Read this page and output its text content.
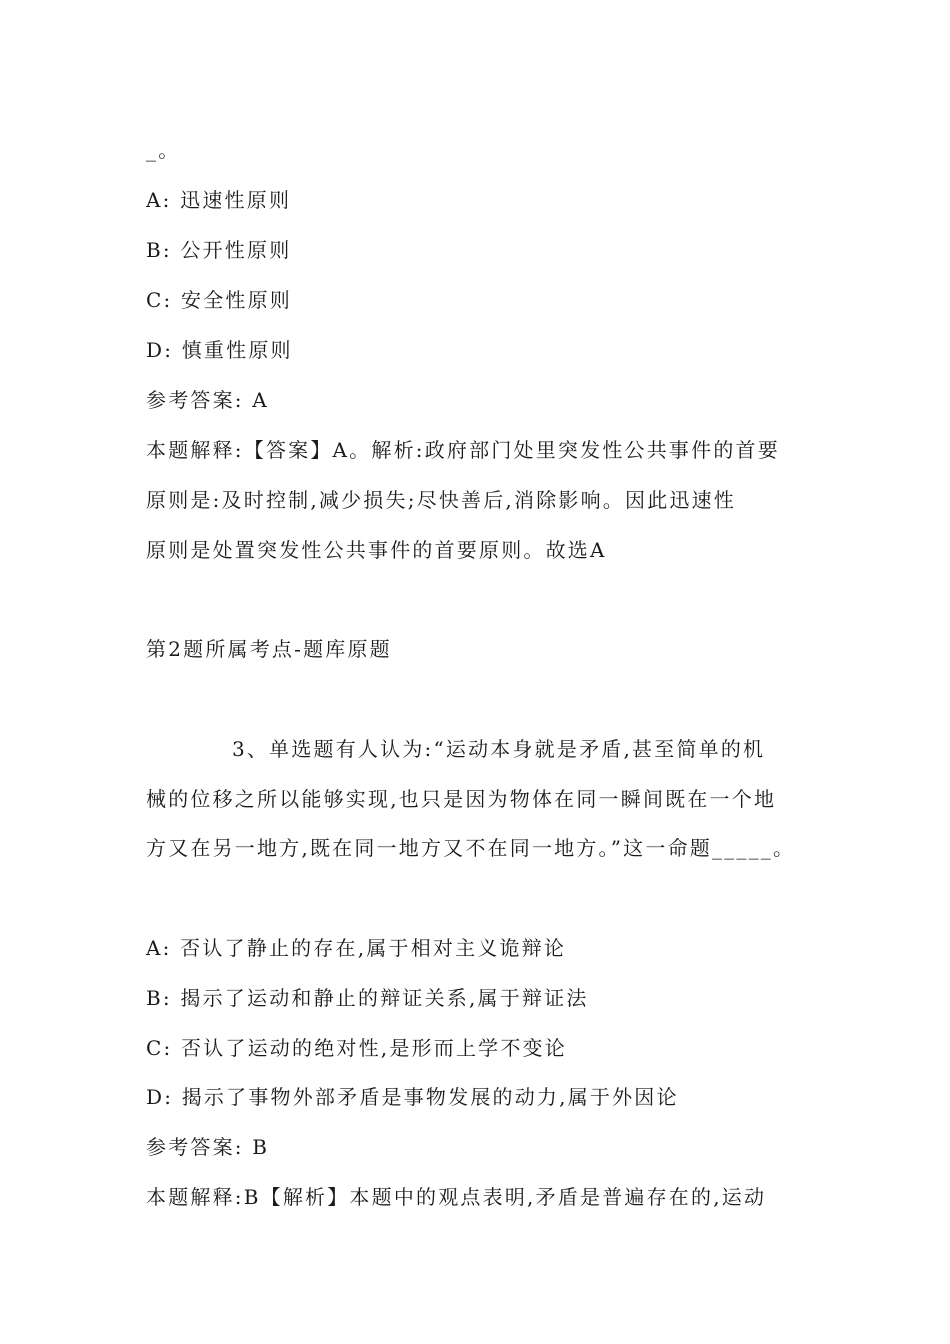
_。
A: 迅速性原则
B: 公开性原则
C: 安全性原则
D: 慎重性原则
参考答案: A
本题解释:【答案】A。解析:政府部门处里突发性公共事件的首要
原则是:及时控制,减少损失;尽快善后,消除影响。因此迅速性
原则是处置突发性公共事件的首要原则。故选A
第2题所属考点-题库原题
3、单选题有人认为:“运动本身就是矛盾,甚至简单的机
械的位移之所以能够实现,也只是因为物体在同一瞬间既在一个地
方又在另一地方,既在同一地方又不在同一地方。”这一命题_____。
A: 否认了静止的存在,属于相对主义诡辩论
B: 揭示了运动和静止的辩证关系,属于辩证法
C: 否认了运动的绝对性,是形而上学不变论
D: 揭示了事物外部矛盾是事物发展的动力,属于外因论
参考答案: B
本题解释:B【解析】本题中的观点表明,矛盾是普遍存在的,运动
